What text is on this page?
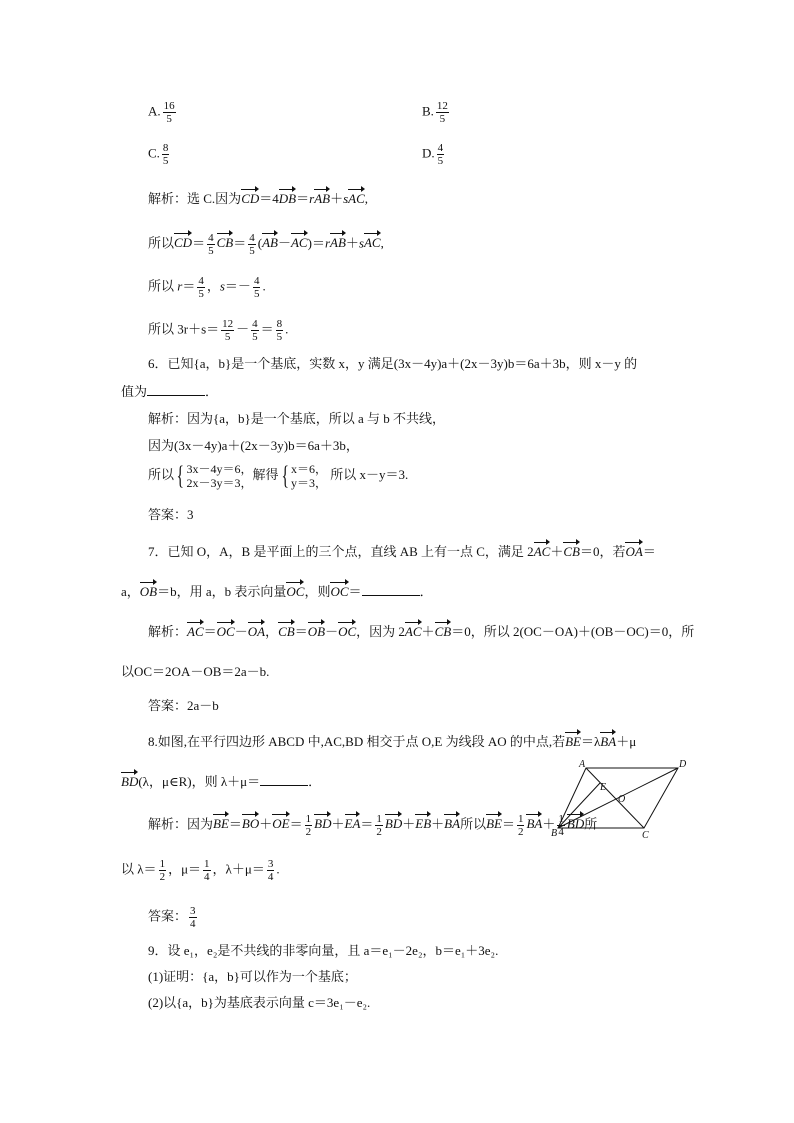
A. $\frac{16}{5}$	B. $\frac{12}{5}$
C. $\frac{8}{5}$	D. $\frac{4}{5}$
解析：选 C.因为CD＝4DB＝rAB＋sAC,
所以$CD= \frac{4}{5} CB= \frac{4}{5} (AB-AC)=rAB+sAC$,
所以 $r= \frac{4}{5}$ ，$s=- \frac{4}{5}$ .
所以 $3r+s= \frac{12}{5} - \frac{4}{5} = \frac{8}{5}$ .
6．已知{a，b}是一个基底，实数 x，y 满足(3x－4y)a＋(2x－3y)b＝6a＋3b，则 x－y 的
值为	．
解析：因为{a，b}是一个基底，所以 a 与 b 不共线，
因为(3x－4y)a＋(2x－3y)b＝6a＋3b，
所以{ 3x－4y＝6，
2x－3y＝3，
解得{ x＝6，
y＝3，
所以 x－y＝3.
答案：3
7．已知 O，A，B 是平面上的三个点，直线 AB 上有一点 C，满足 2AC＋CB＝0，若OA＝
a，OB＝b，用 a，b 表示向量OC，则OC＝	．
解析：AC＝OC－OA，CB＝OB－OC，因为 2AC＋CB＝0，所以 2(OC－OA)＋(OB－OC)＝0，所
以OC＝2OA－OB＝2a－b.
答案：2a－b
8.如图,在平行四边形 ABCD 中,AC,BD 相交于点 O,E 为线段 AO 的中点,若BE＝λBA＋μ
BD(λ，μ∈R)，则 λ＋μ＝	．
解析：因为$BE=BO+OE= \frac{1}{2} BD+EA= \frac{1}{2} BD+EB+BA$所以$BE= \frac{1}{2} BA+ \frac{1}{4}$ BD所
以 $\lambda= \frac{1}{2}$ ，$\mu= \frac{1}{4}$ ，$\lambda+\mu= \frac{3}{4}$ .
答案： $\frac{3}{4}$
A	D
E
O
B	C
9．设 e₁，e₂是不共线的非零向量，且 a＝e₁－2e₂，b＝e₁＋3e₂.
(1)证明：{a，b}可以作为一个基底；
(2)以{a，b}为基底表示向量 c＝3e₁－e₂.
